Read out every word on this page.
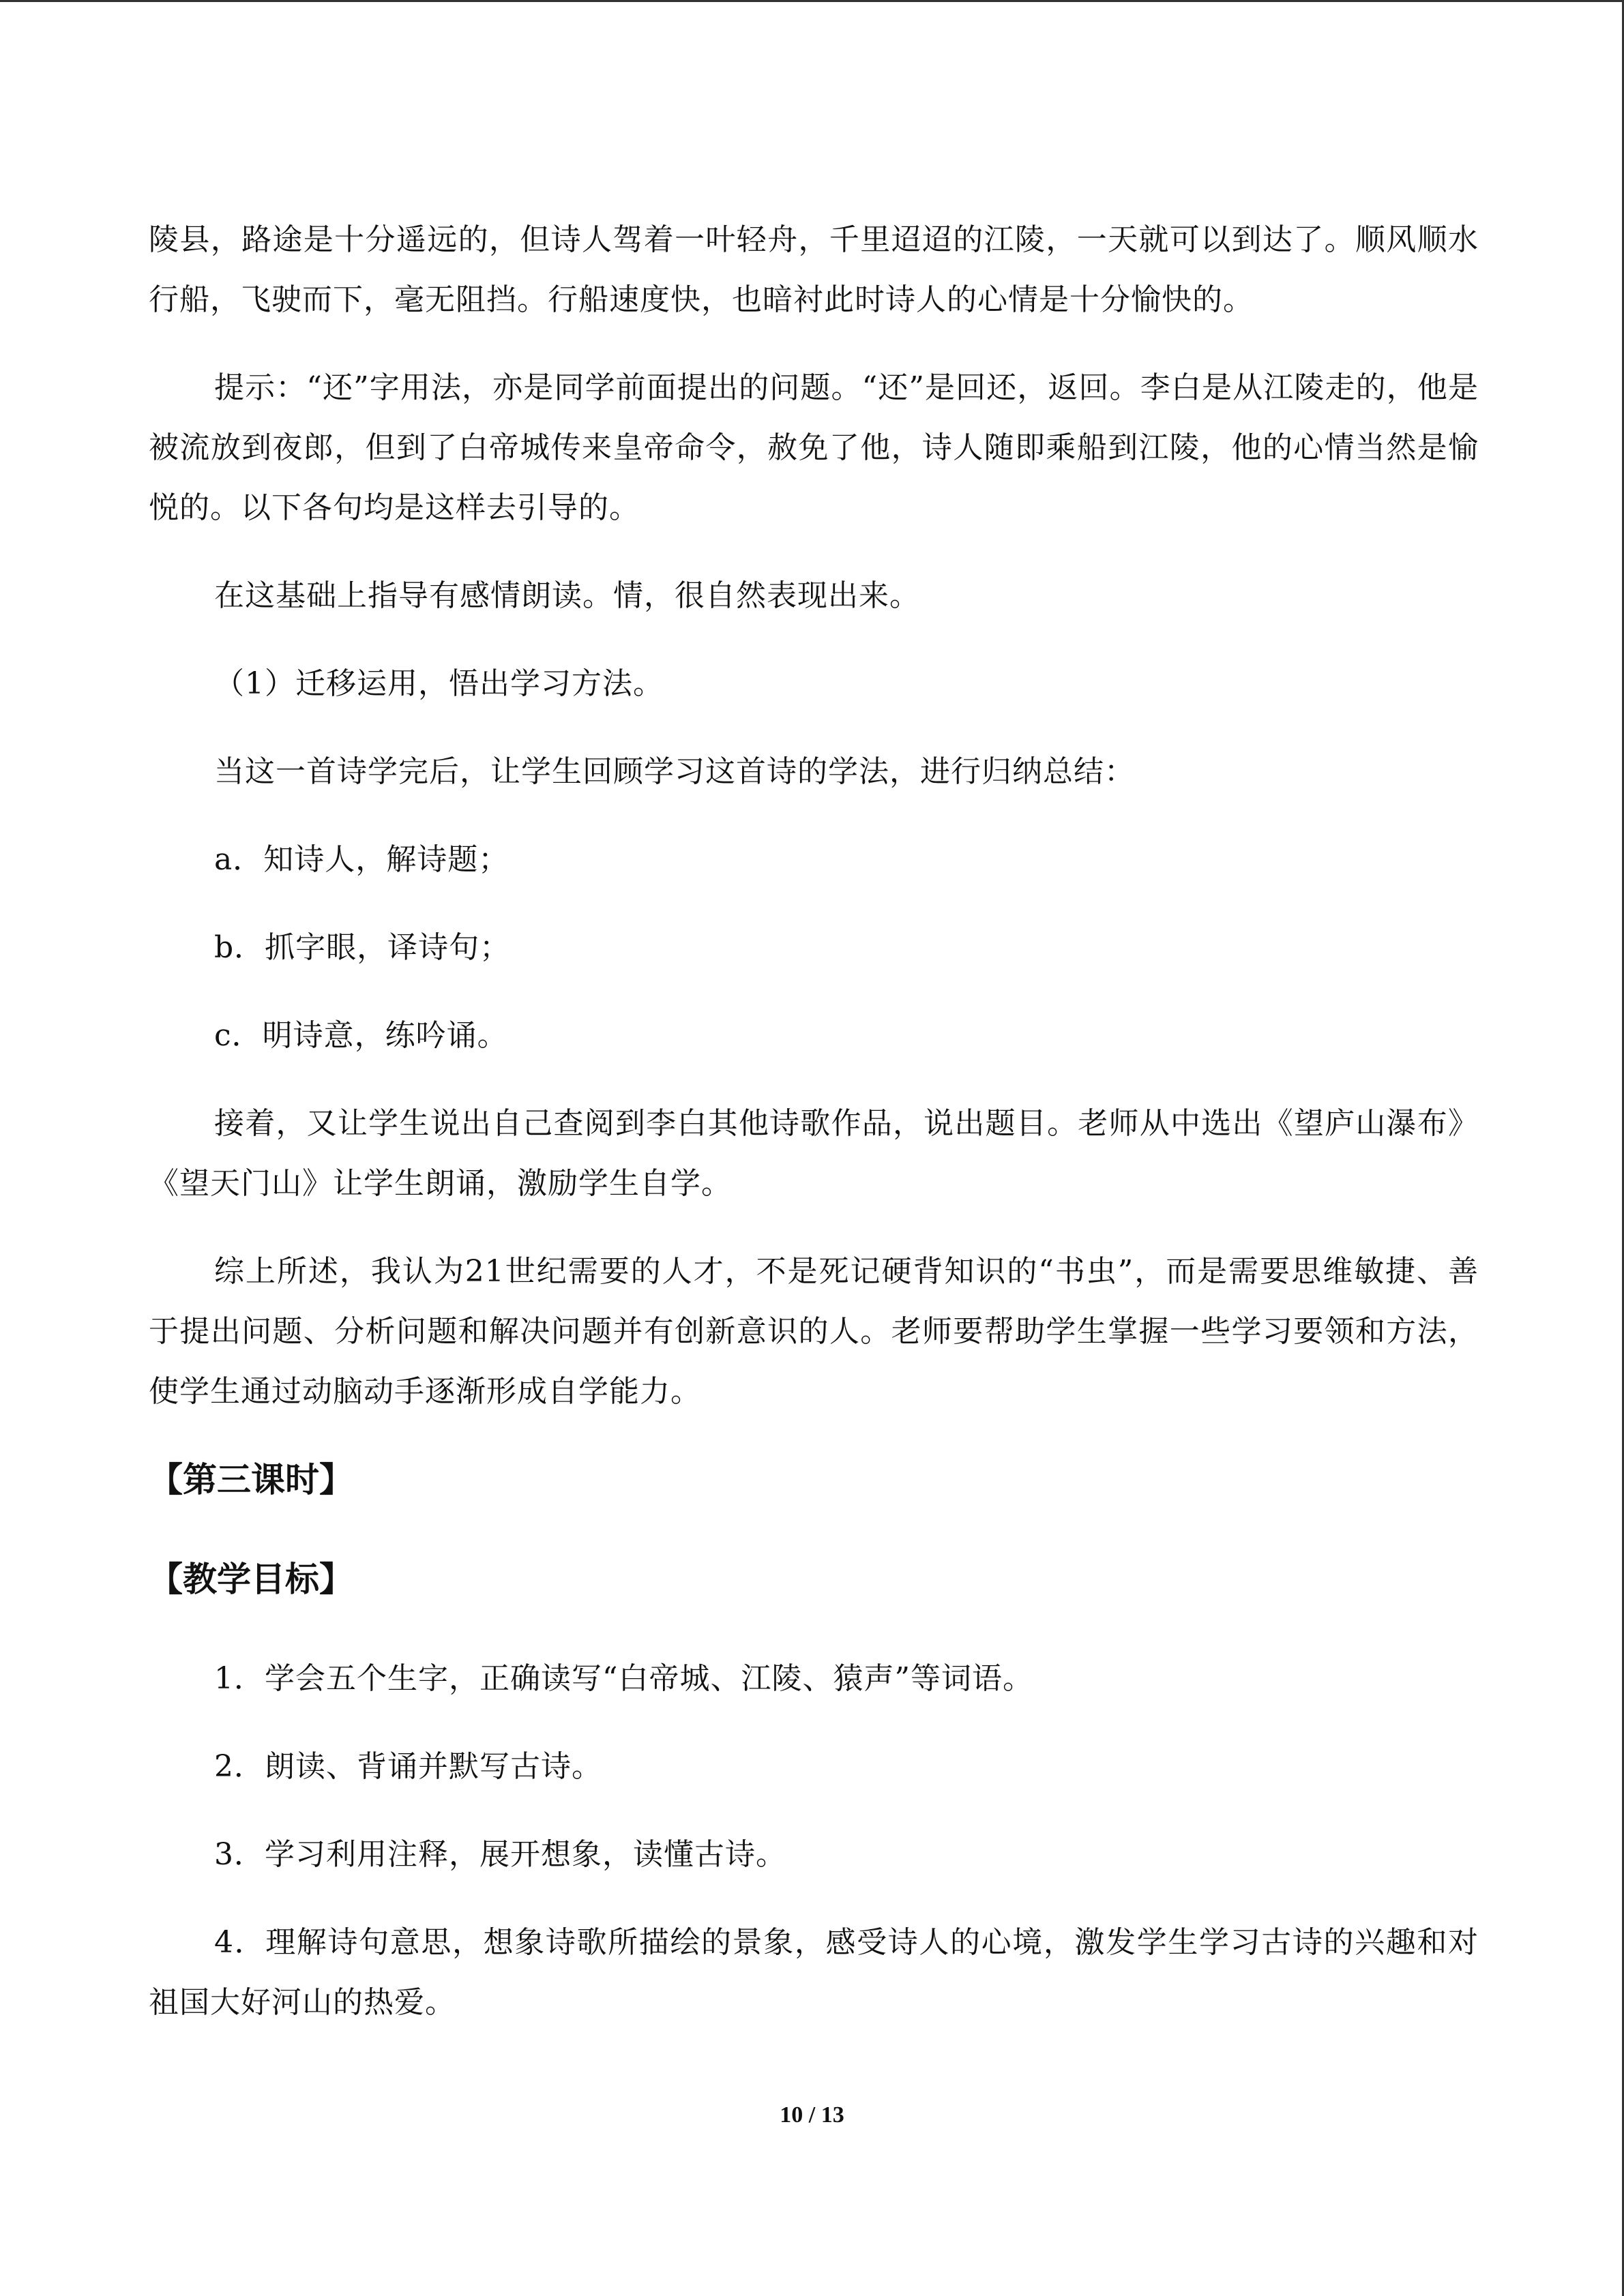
陵县，路途是十分遥远的，但诗人驾着一叶轻舟，千里迢迢的江陵，一天就可以到达了。顺风顺水行船，飞驶而下，毫无阻挡。行船速度快，也暗衬此时诗人的心情是十分愉快的。

提示：“还”字用法，亦是同学前面提出的问题。“还”是回还，返回。李白是从江陵走的，他是被流放到夜郎，但到了白帝城传来皇帝命令，赦免了他，诗人随即乘船到江陵，他的心情当然是愉悦的。以下各句均是这样去引导的。

在这基础上指导有感情朗读。情，很自然表现出来。

（1）迁移运用，悟出学习方法。

当这一首诗学完后，让学生回顾学习这首诗的学法，进行归纳总结：

a．知诗人，解诗题；

b．抓字眼，译诗句；

c．明诗意，练吟诵。

接着，又让学生说出自己查阅到李白其他诗歌作品，说出题目。老师从中选出《望庐山瀑布》《望天门山》让学生朗诵，激励学生自学。

综上所述，我认为21世纪需要的人才，不是死记硬背知识的“书虫”，而是需要思维敏捷、善于提出问题、分析问题和解决问题并有创新意识的人。老师要帮助学生掌握一些学习要领和方法，使学生通过动脑动手逐渐形成自学能力。

【第三课时】
【教学目标】

1．学会五个生字，正确读写“白帝城、江陵、猿声”等词语。

2．朗读、背诵并默写古诗。

3．学习利用注释，展开想象，读懂古诗。

4．理解诗句意思，想象诗歌所描绘的景象，感受诗人的心境，激发学生学习古诗的兴趣和对祖国大好河山的热爱。

10 / 13
